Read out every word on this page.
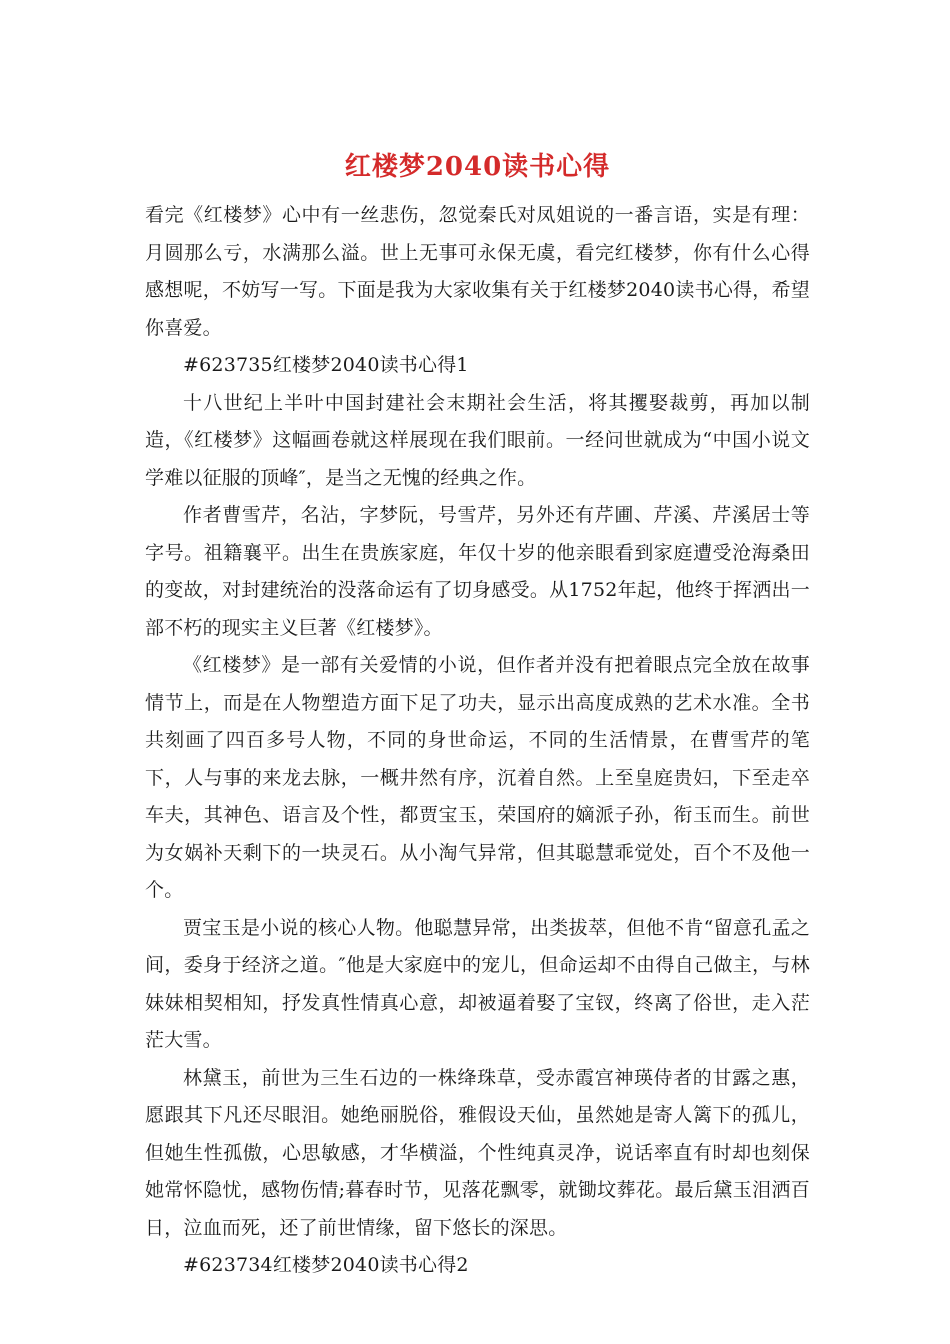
红楼梦2040读书心得

看完《红楼梦》心中有一丝悲伤，忽觉秦氏对凤姐说的一番言语，实是有理：月圆那么亏，水满那么溢。世上无事可永保无虞，看完红楼梦，你有什么心得感想呢，不妨写一写。下面是我为大家收集有关于红楼梦2040读书心得，希望你喜爱。

#623735红楼梦2040读书心得1

十八世纪上半叶中国封建社会末期社会生活，将其攫娶裁剪，再加以制造，《红楼梦》这幅画卷就这样展现在我们眼前。一经问世就成为“中国小说文学难以征服的顶峰″，是当之无愧的经典之作。

作者曹雪芹，名沾，字梦阮，号雪芹，另外还有芹圃、芹溪、芹溪居士等字号。祖籍襄平。出生在贵族家庭，年仅十岁的他亲眼看到家庭遭受沧海桑田的变故，对封建统治的没落命运有了切身感受。从1752年起，他终于挥洒出一部不朽的现实主义巨著《红楼梦》。

《红楼梦》是一部有关爱情的小说，但作者并没有把着眼点完全放在故事情节上，而是在人物塑造方面下足了功夫，显示出高度成熟的艺术水准。全书共刻画了四百多号人物，不同的身世命运，不同的生活情景，在曹雪芹的笔下，人与事的来龙去脉，一概井然有序，沉着自然。上至皇庭贵妇，下至走卒车夫，其神色、语言及个性，都贾宝玉，荣国府的嫡派子孙，衔玉而生。前世为女娲补天剩下的一块灵石。从小淘气异常，但其聪慧乖觉处，百个不及他一个。

贾宝玉是小说的核心人物。他聪慧异常，出类拔萃，但他不肯“留意孔孟之间，委身于经济之道。″他是大家庭中的宠儿，但命运却不由得自己做主，与林妹妹相契相知，抒发真性情真心意，却被逼着娶了宝钗，终离了俗世，走入茫茫大雪。

林黛玉，前世为三生石边的一株绛珠草，受赤霞宫神瑛侍者的甘露之惠，愿跟其下凡还尽眼泪。她绝丽脱俗，雅假设天仙，虽然她是寄人篱下的孤儿，但她生性孤傲，心思敏感，才华横溢，个性纯真灵净，说话率直有时却也刻保她常怀隐忧，感物伤情;暮春时节，见落花飘零，就锄坟葬花。最后黛玉泪洒百日，泣血而死，还了前世情缘，留下悠长的深思。

#623734红楼梦2040读书心得2
